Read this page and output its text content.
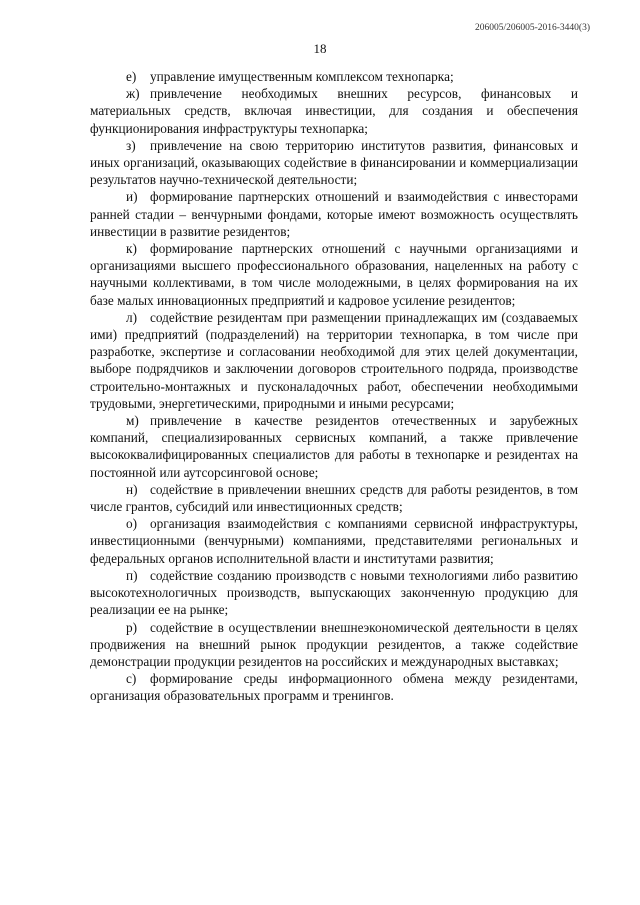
206005/206005-2016-3440(3)
18

е) управление имущественным комплексом технопарка;

ж) привлечение необходимых внешних ресурсов, финансовых и материальных средств, включая инвестиции, для создания и обеспечения функционирования инфраструктуры технопарка;

з) привлечение на свою территорию институтов развития, финансовых и иных организаций, оказывающих содействие в финансировании и коммерциализации результатов научно-технической деятельности;

и) формирование партнерских отношений и взаимодействия с инвесторами ранней стадии – венчурными фондами, которые имеют возможность осуществлять инвестиции в развитие резидентов;

к) формирование партнерских отношений с научными организациями и организациями высшего профессионального образования, нацеленных на работу с научными коллективами, в том числе молодежными, в целях формирования на их базе малых инновационных предприятий и кадровое усиление резидентов;

л) содействие резидентам при размещении принадлежащих им (создаваемых ими) предприятий (подразделений) на территории технопарка, в том числе при разработке, экспертизе и согласовании необходимой для этих целей документации, выборе подрядчиков и заключении договоров строительного подряда, производстве строительно-монтажных и пусконаладочных работ, обеспечении необходимыми трудовыми, энергетическими, природными и иными ресурсами;

м) привлечение в качестве резидентов отечественных и зарубежных компаний, специализированных сервисных компаний, а также привлечение высококвалифицированных специалистов для работы в технопарке и резидентах на постоянной или аутсорсинговой основе;

н) содействие в привлечении внешних средств для работы резидентов, в том числе грантов, субсидий или инвестиционных средств;

о) организация взаимодействия с компаниями сервисной инфраструктуры, инвестиционными (венчурными) компаниями, представителями региональных и федеральных органов исполнительной власти и институтами развития;

п) содействие созданию производств с новыми технологиями либо развитию высокотехнологичных производств, выпускающих законченную продукцию для реализации ее на рынке;

р) содействие в осуществлении внешнеэкономической деятельности в целях продвижения на внешний рынок продукции резидентов, а также содействие демонстрации продукции резидентов на российских и международных выставках;

с) формирование среды информационного обмена между резидентами, организация образовательных программ и тренингов.
